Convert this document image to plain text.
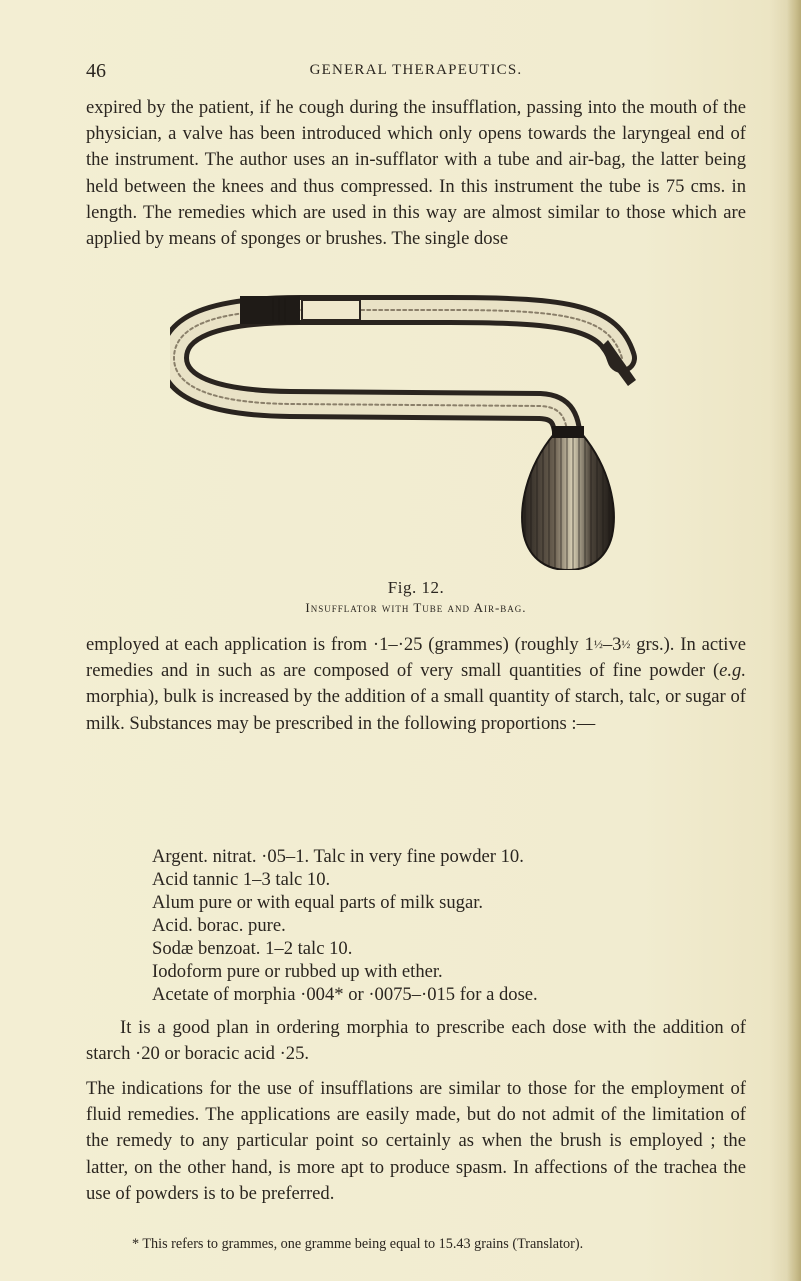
46	GENERAL THERAPEUTICS.

expired by the patient, if he cough during the insufflation, passing into the mouth of the physician, a valve has been introduced which only opens towards the laryngeal end of the instrument. The author uses an in-sufflator with a tube and air-bag, the latter being held between the knees and thus compressed. In this instrument the tube is 75 cms. in length. The remedies which are used in this way are almost similar to those which are applied by means of sponges or brushes. The single dose

Fig. 12.
Insufflator with Tube and Air-bag.

employed at each application is from ·1–·25 (grammes) (roughly 1½–3½ grs.). In active remedies and in such as are composed of very small quantities of fine powder (e.g. morphia), bulk is increased by the addition of a small quantity of starch, talc, or sugar of milk. Substances may be prescribed in the following proportions :—

Argent. nitrat. ·05–1. Talc in very fine powder 10.
Acid tannic 1–3 talc 10.
Alum pure or with equal parts of milk sugar.
Acid. borac. pure.
Sodæ benzoat. 1–2 talc 10.
Iodoform pure or rubbed up with ether.
Acetate of morphia ·004* or ·0075–·015 for a dose.

It is a good plan in ordering morphia to prescribe each dose with the addition of starch ·20 or boracic acid ·25.

The indications for the use of insufflations are similar to those for the employment of fluid remedies. The applications are easily made, but do not admit of the limitation of the remedy to any particular point so certainly as when the brush is employed ; the latter, on the other hand, is more apt to produce spasm. In affections of the trachea the use of powders is to be preferred.

* This refers to grammes, one gramme being equal to 15.43 grains (Translator).
